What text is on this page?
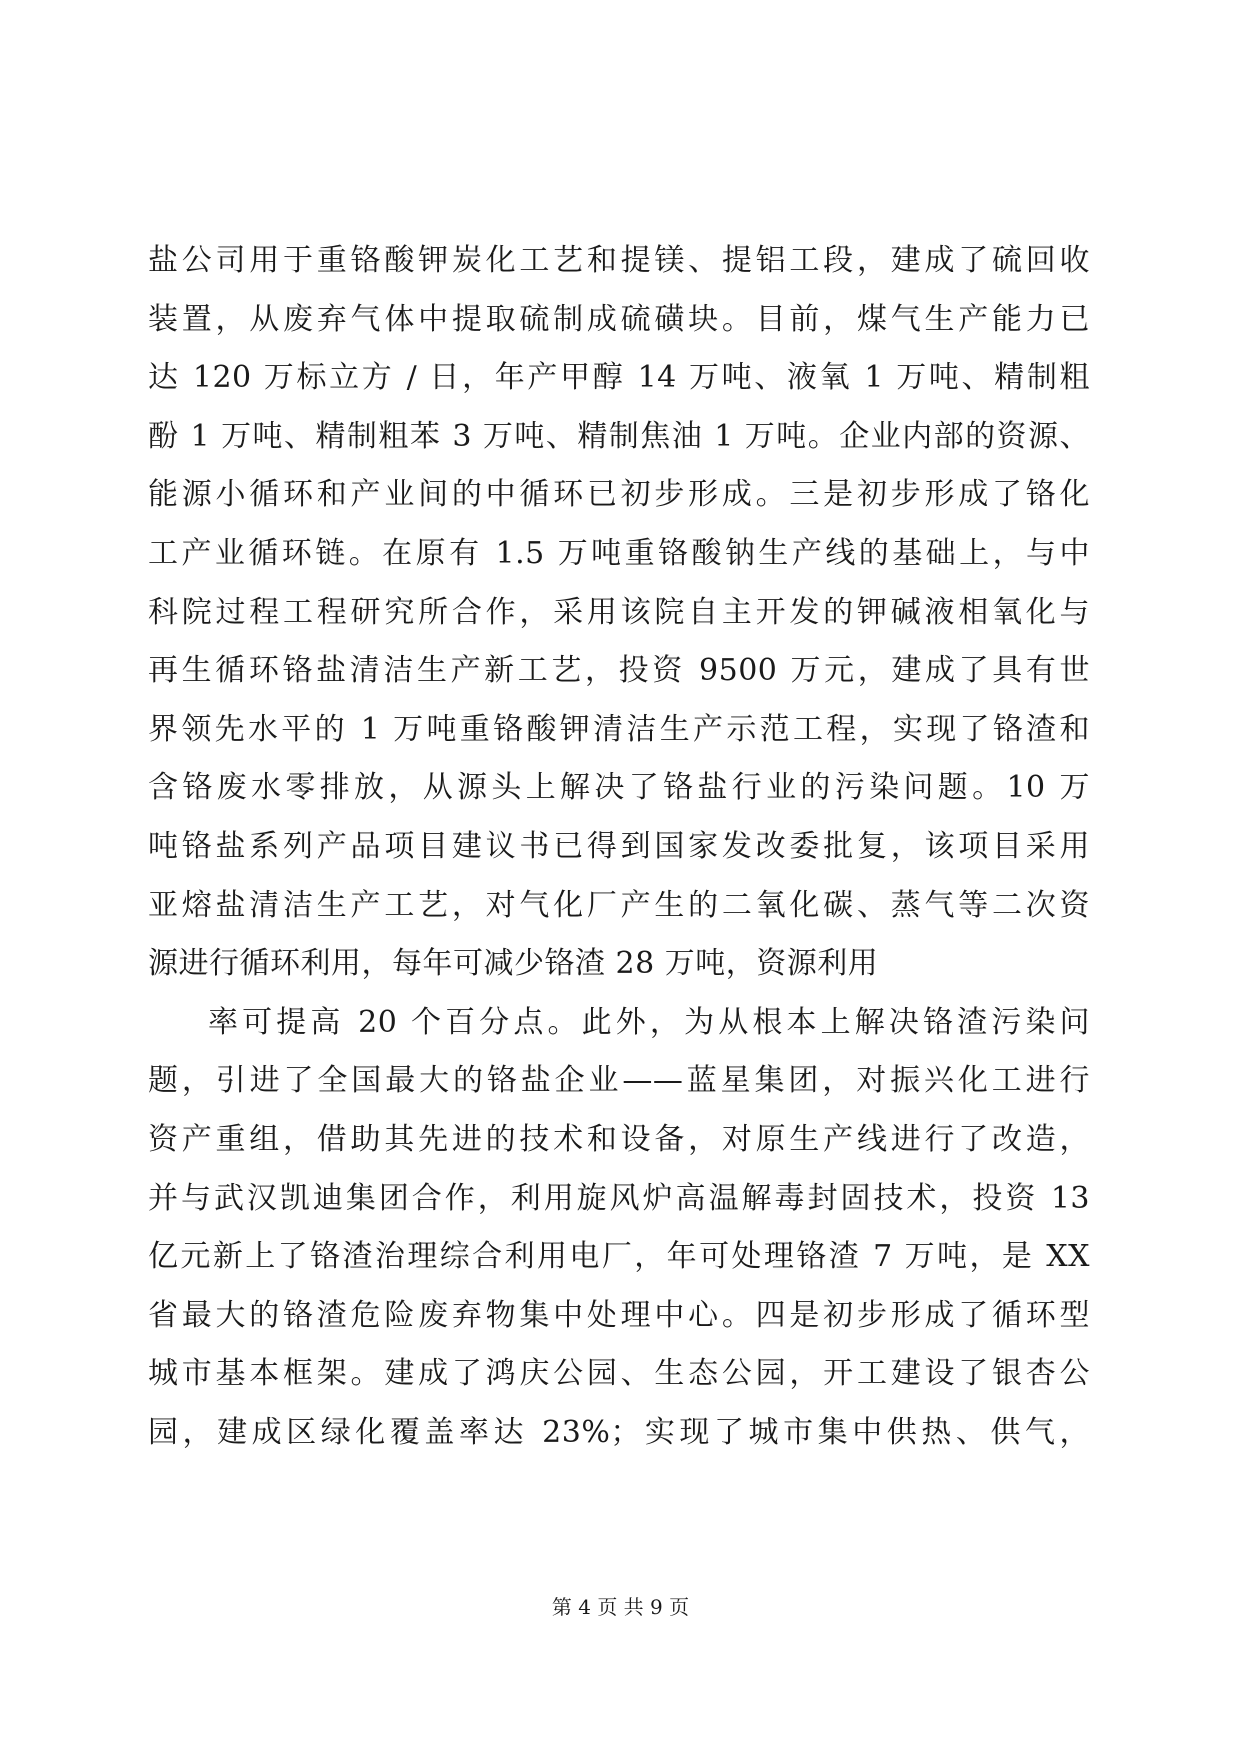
盐公司用于重铬酸钾炭化工艺和提镁、提铝工段，建成了硫回收
装置，从废弃气体中提取硫制成硫磺块。目前，煤气生产能力已
达 120 万标立方 / 日，年产甲醇 14 万吨、液氧 1 万吨、精制粗
酚 1 万吨、精制粗苯 3 万吨、精制焦油 1 万吨。企业内部的资源、
能源小循环和产业间的中循环已初步形成。三是初步形成了铬化
工产业循环链。在原有 1.5 万吨重铬酸钠生产线的基础上，与中
科院过程工程研究所合作，采用该院自主开发的钾碱液相氧化与
再生循环铬盐清洁生产新工艺，投资 9500 万元，建成了具有世
界领先水平的 1 万吨重铬酸钾清洁生产示范工程，实现了铬渣和
含铬废水零排放，从源头上解决了铬盐行业的污染问题。10 万
吨铬盐系列产品项目建议书已得到国家发改委批复，该项目采用
亚熔盐清洁生产工艺，对气化厂产生的二氧化碳、蒸气等二次资
源进行循环利用，每年可减少铬渣 28 万吨，资源利用
率可提高 20 个百分点。此外，为从根本上解决铬渣污染问
题，引进了全国最大的铬盐企业——蓝星集团，对振兴化工进行
资产重组，借助其先进的技术和设备，对原生产线进行了改造，
并与武汉凯迪集团合作，利用旋风炉高温解毒封固技术，投资 13
亿元新上了铬渣治理综合利用电厂，年可处理铬渣 7 万吨，是 XX
省最大的铬渣危险废弃物集中处理中心。四是初步形成了循环型
城市基本框架。建成了鸿庆公园、生态公园，开工建设了银杏公
园，建成区绿化覆盖率达 23%；实现了城市集中供热、供气，
第 4 页 共 9 页
